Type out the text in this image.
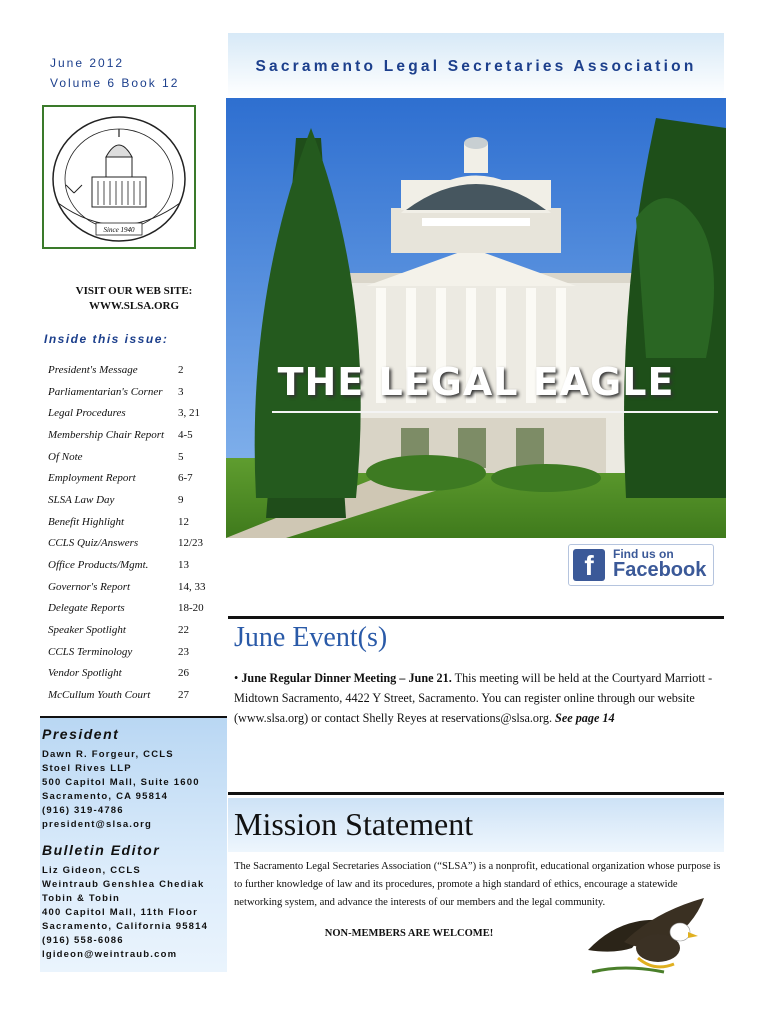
June 2012
Volume 6 Book 12
Since 1940
VISIT OUR WEB SITE:
WWW.SLSA.ORG
Inside this issue:
President's Message	2
Parliamentarian's Corner	3
Legal Procedures	3, 21
Membership Chair Report	4-5
Of Note	5
Employment Report	6-7
SLSA Law Day	9
Benefit Highlight	12
CCLS Quiz/Answers	12/23
Office Products/Mgmt.	13
Governor's Report	14, 33
Delegate Reports	18-20
Speaker Spotlight	22
CCLS Terminology	23
Vendor Spotlight	26
McCullum Youth Court	27
President
Dawn R. Forgeur, CCLS
Stoel Rives LLP
500 Capitol Mall, Suite 1600
Sacramento, CA 95814
(916) 319-4786
president@slsa.org
Bulletin Editor
Liz Gideon, CCLS
Weintraub Genshlea Chediak
Tobin & Tobin
400 Capitol Mall, 11th Floor
Sacramento, California 95814
(916) 558-6086
lgideon@weintraub.com
Sacramento Legal Secretaries Association
THE LEGAL EAGLE
f	Find us on
Facebook
June Event(s)
• June Regular Dinner Meeting – June 21. This meeting will be held at the Courtyard Marriott - Midtown Sacramento, 4422 Y Street, Sacramento. You can register online through our website (www.slsa.org) or contact Shelly Reyes at reservations@slsa.org. See page 14
Mission Statement
The Sacramento Legal Secretaries Association (“SLSA”) is a nonprofit, educational organization whose purpose is to further knowledge of law and its procedures, promote a high standard of ethics, encourage a statewide networking system, and advance the interests of our members and the legal community.
NON-MEMBERS ARE WELCOME!
